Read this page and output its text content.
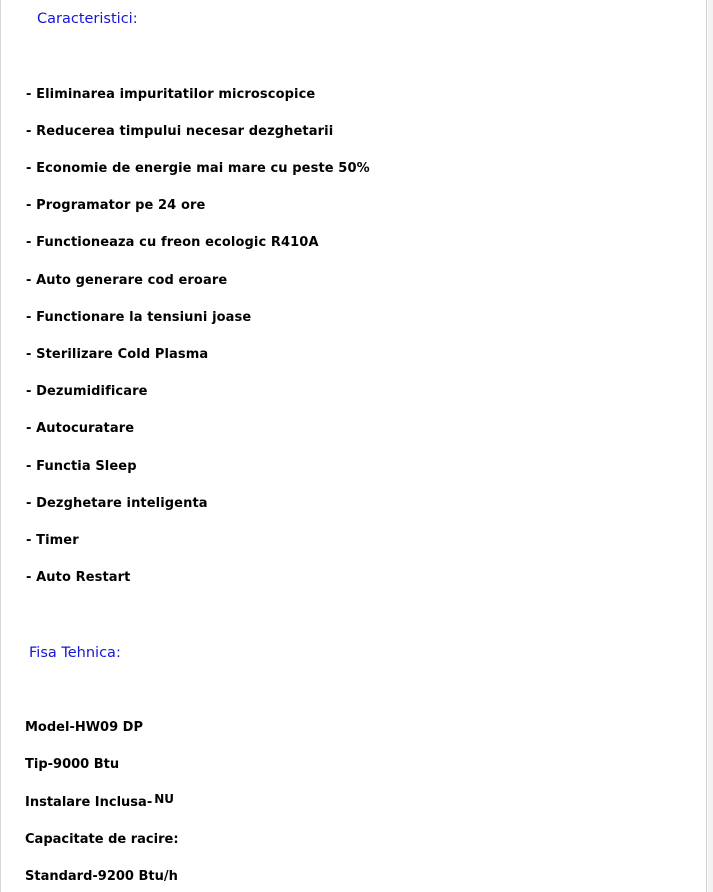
Caracteristici:
- Eliminarea impuritatilor microscopice
- Reducerea timpului necesar dezghetarii
- Economie de energie mai mare cu peste 50%
- Programator pe 24 ore
- Functioneaza cu freon ecologic R410A
- Auto generare cod eroare
- Functionare la tensiuni joase
- Sterilizare Cold Plasma
- Dezumidificare
- Autocuratare
- Functia Sleep
- Dezghetare inteligenta
- Timer
- Auto Restart
Fisa Tehnica:
Model-HW09 DP
Tip-9000 Btu
Instalare Inclusa- NU
Capacitate de racire:
Standard-9200 Btu/h
